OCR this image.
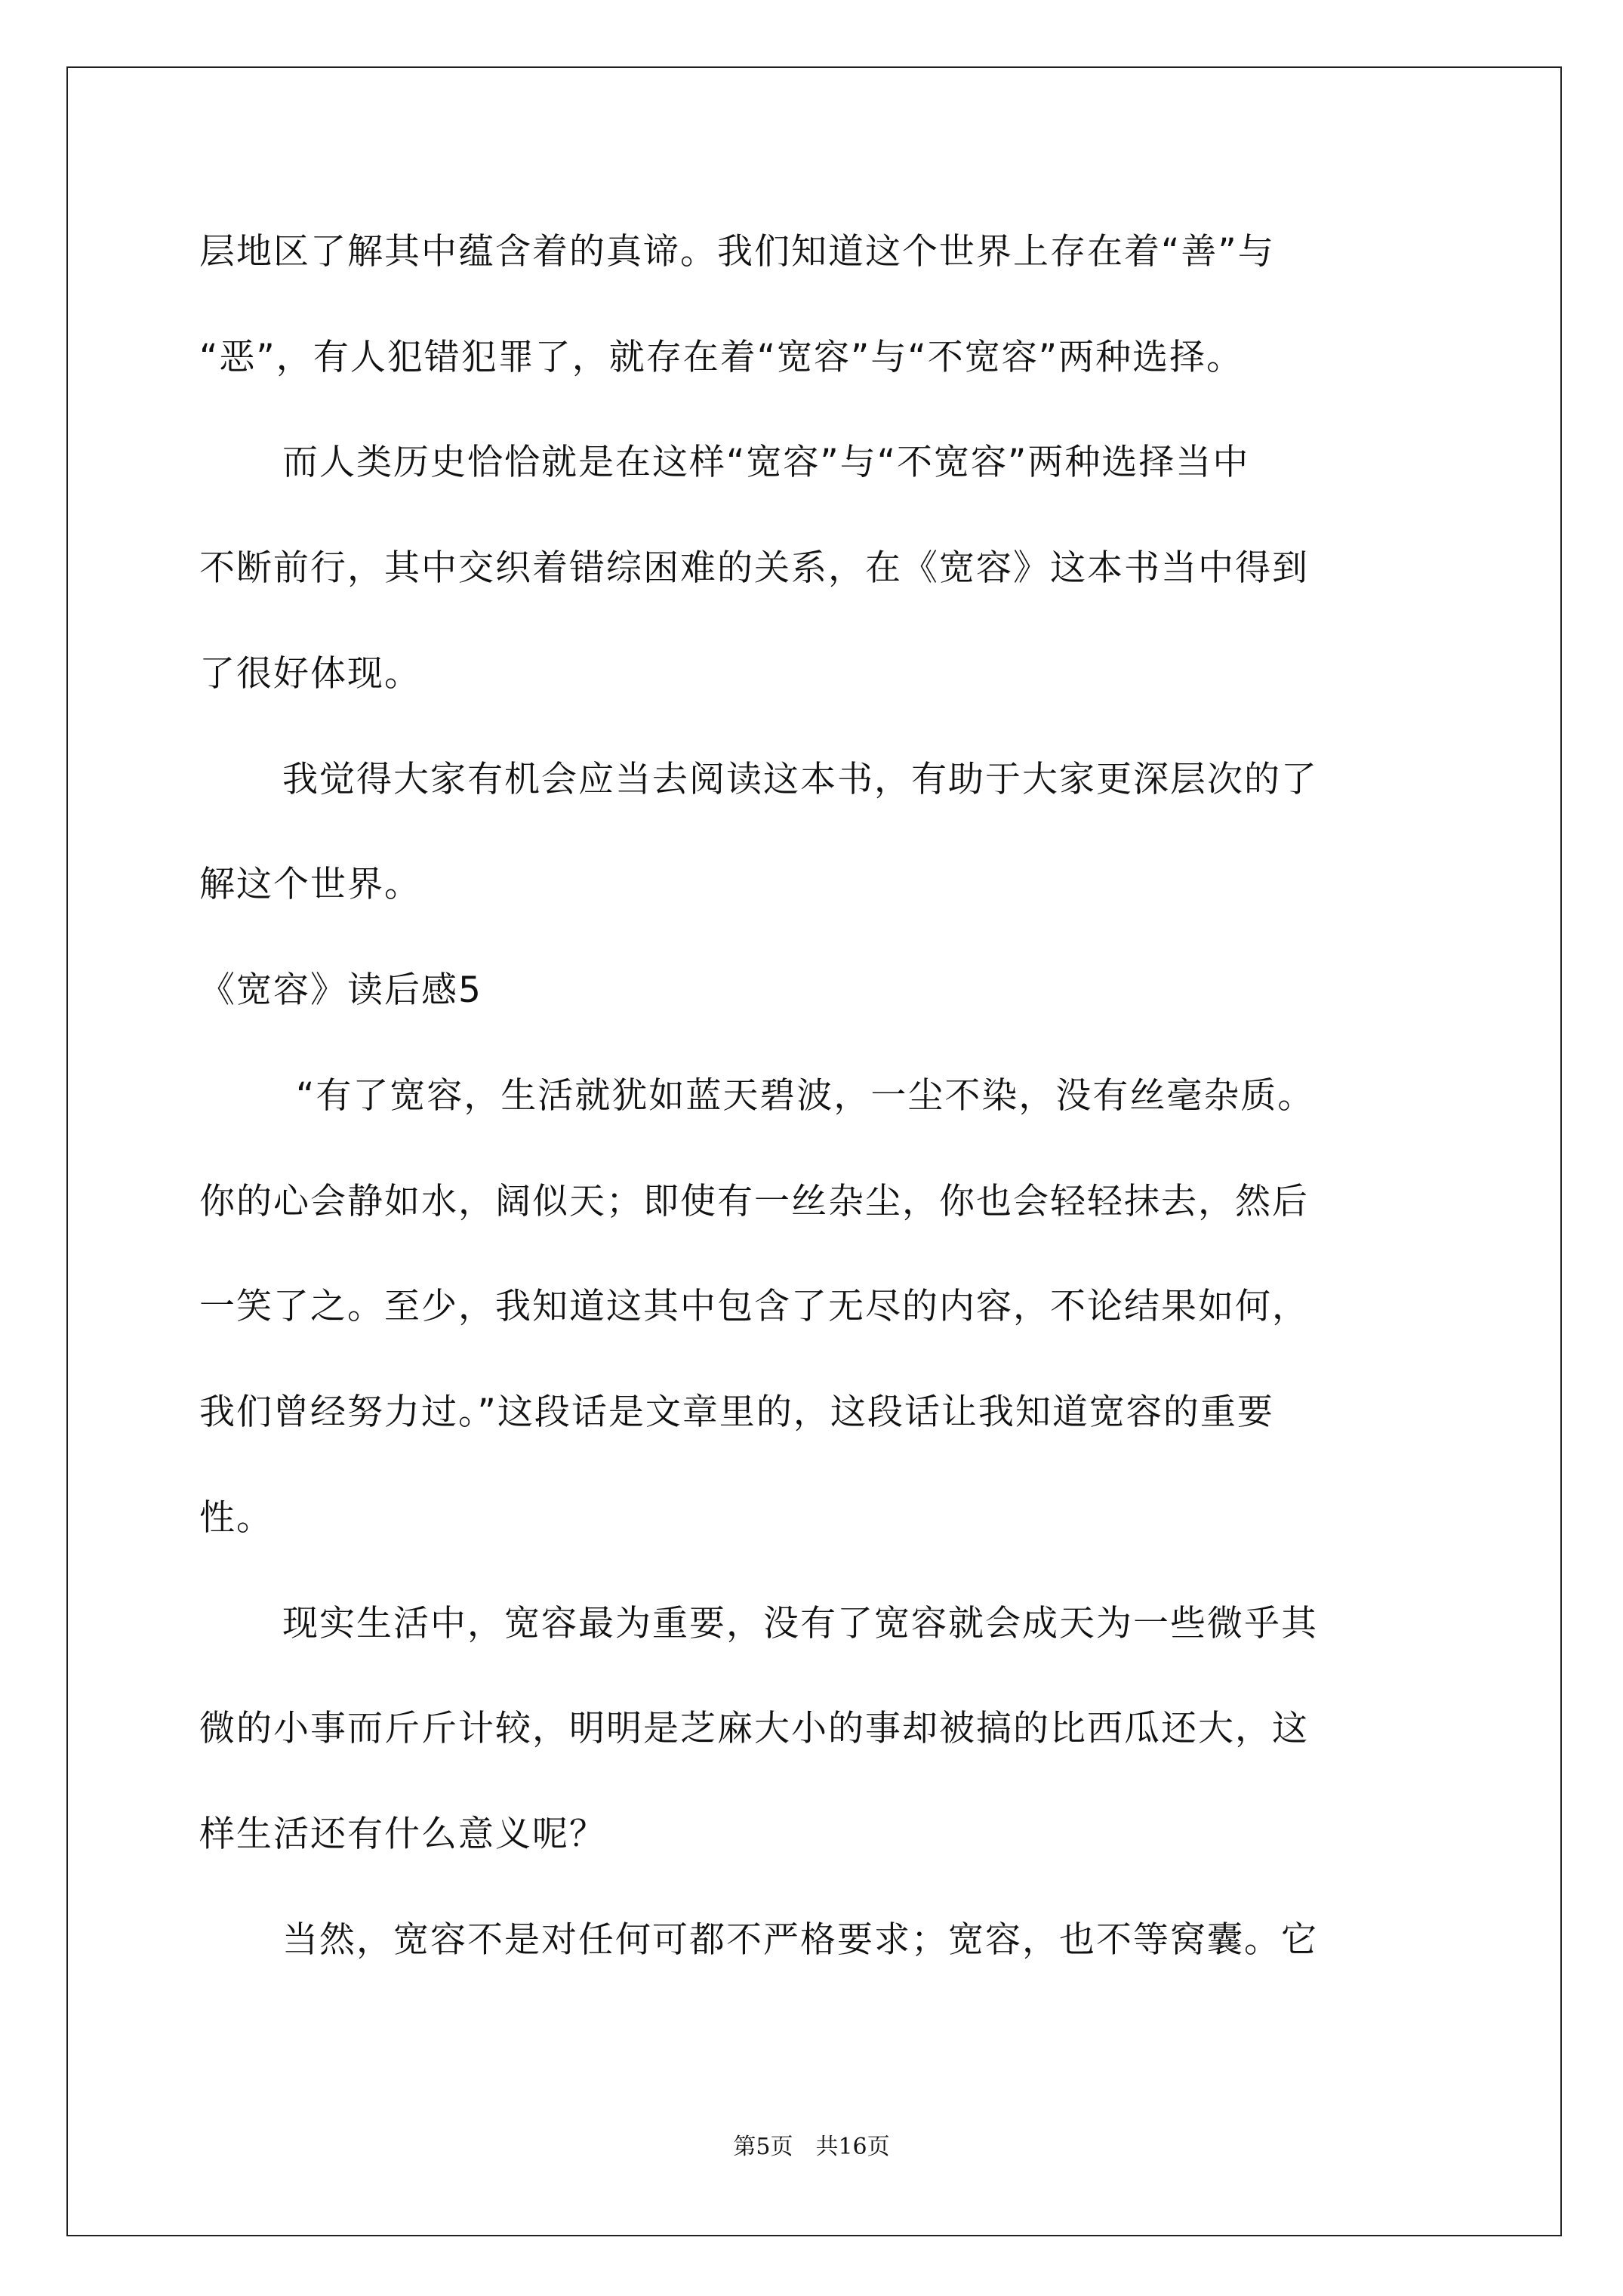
层地区了解其中蕴含着的真谛。我们知道这个世界上存在着“善”与
“恶”，有人犯错犯罪了，就存在着“宽容”与“不宽容”两种选择。
而人类历史恰恰就是在这样“宽容”与“不宽容”两种选择当中
不断前行，其中交织着错综困难的关系，在《宽容》这本书当中得到
了很好体现。
我觉得大家有机会应当去阅读这本书，有助于大家更深层次的了
解这个世界。
《宽容》读后感5
“有了宽容，生活就犹如蓝天碧波，一尘不染，没有丝毫杂质。
你的心会静如水，阔似天；即使有一丝杂尘，你也会轻轻抹去，然后
一笑了之。至少，我知道这其中包含了无尽的内容，不论结果如何，
我们曾经努力过。”这段话是文章里的，这段话让我知道宽容的重要
性。
现实生活中，宽容最为重要，没有了宽容就会成天为一些微乎其
微的小事而斤斤计较，明明是芝麻大小的事却被搞的比西瓜还大，这
样生活还有什么意义呢？
当然，宽容不是对任何可都不严格要求；宽容，也不等窝囊。它
第5页　共16页
